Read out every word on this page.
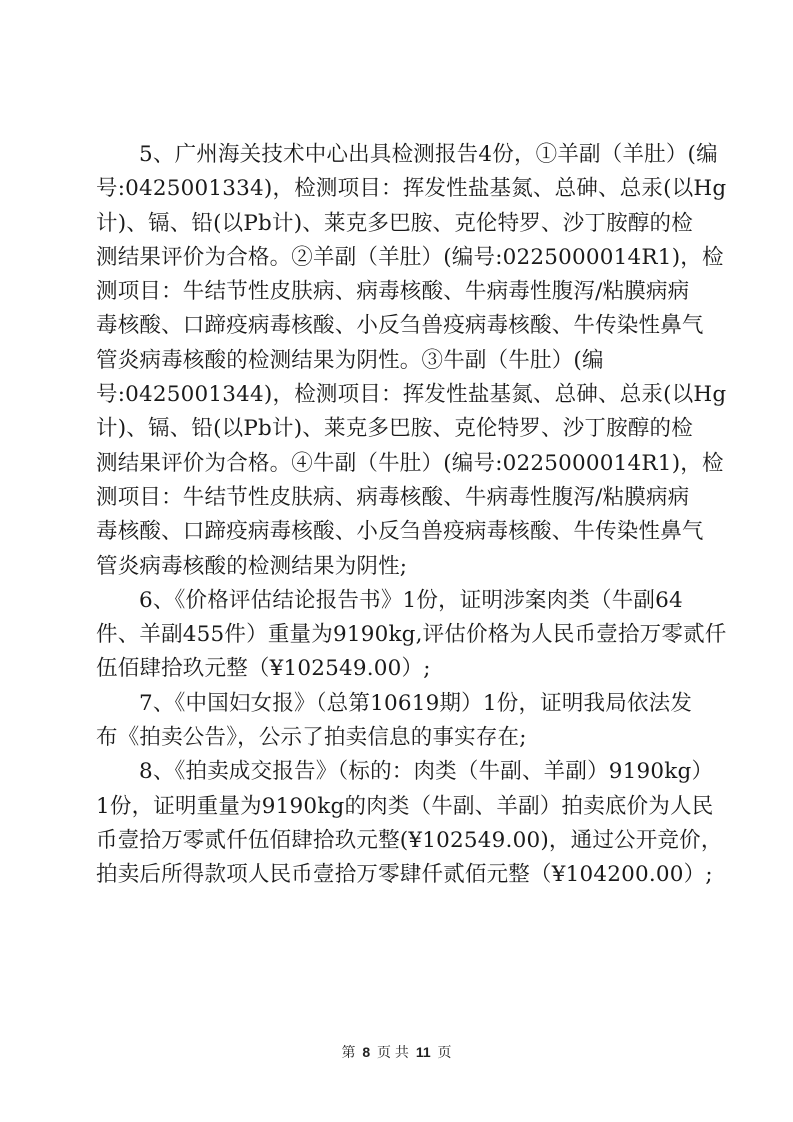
5、广州海关技术中心出具检测报告4份，①羊副（羊肚）(编
号:0425001334)，检测项目：挥发性盐基氮、总砷、总汞(以Hg
计)、镉、铅(以Pb计)、莱克多巴胺、克伦特罗、沙丁胺醇的检
测结果评价为合格。②羊副（羊肚）(编号:0225000014R1)，检
测项目：牛结节性皮肤病、病毒核酸、牛病毒性腹泻/粘膜病病
毒核酸、口蹄疫病毒核酸、小反刍兽疫病毒核酸、牛传染性鼻气
管炎病毒核酸的检测结果为阴性。③牛副（牛肚）(编
号:0425001344)，检测项目：挥发性盐基氮、总砷、总汞(以Hg
计)、镉、铅(以Pb计)、莱克多巴胺、克伦特罗、沙丁胺醇的检
测结果评价为合格。④牛副（牛肚）(编号:0225000014R1)，检
测项目：牛结节性皮肤病、病毒核酸、牛病毒性腹泻/粘膜病病
毒核酸、口蹄疫病毒核酸、小反刍兽疫病毒核酸、牛传染性鼻气
管炎病毒核酸的检测结果为阴性;
6、《价格评估结论报告书》1份，证明涉案肉类（牛副64
件、羊副455件）重量为9190kg,评估价格为人民币壹拾万零贰仟
伍佰肆拾玖元整（¥102549.00）;
7、《中国妇女报》（总第10619期）1份，证明我局依法发
布《拍卖公告》，公示了拍卖信息的事实存在;
8、《拍卖成交报告》（标的：肉类（牛副、羊副）9190kg）
1份，证明重量为9190kg的肉类（牛副、羊副）拍卖底价为人民
币壹拾万零贰仟伍佰肆拾玖元整(¥102549.00)，通过公开竞价，
拍卖后所得款项人民币壹拾万零肆仟贰佰元整（¥104200.00）;
第 8 页 共 11 页
